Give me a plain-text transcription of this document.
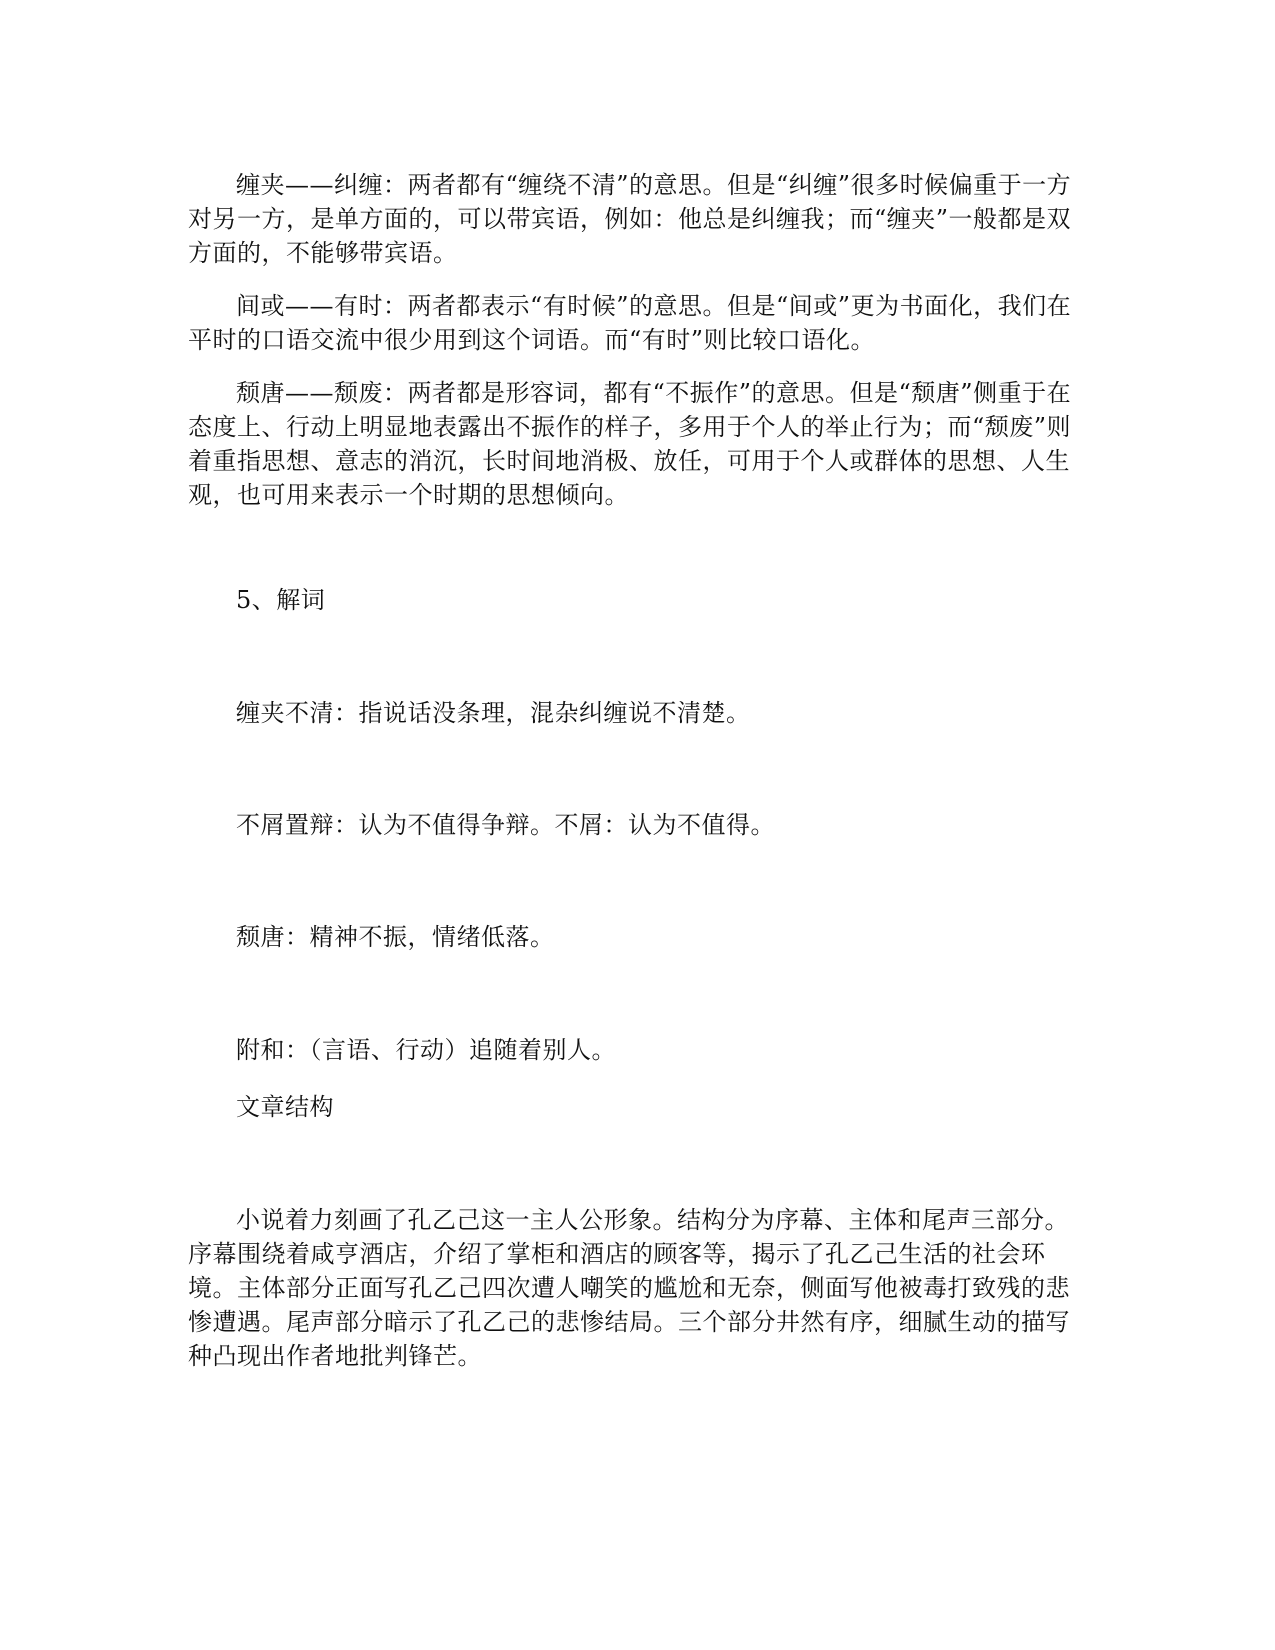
缠夹——纠缠：两者都有“缠绕不清”的意思。但是“纠缠”很多时候偏重于一方对另一方，是单方面的，可以带宾语，例如：他总是纠缠我；而“缠夹”一般都是双方面的，不能够带宾语。

间或——有时：两者都表示“有时候”的意思。但是“间或”更为书面化，我们在平时的口语交流中很少用到这个词语。而“有时”则比较口语化。

颓唐——颓废：两者都是形容词，都有“不振作”的意思。但是“颓唐”侧重于在态度上、行动上明显地表露出不振作的样子，多用于个人的举止行为；而“颓废”则着重指思想、意志的消沉，长时间地消极、放任，可用于个人或群体的思想、人生观，也可用来表示一个时期的思想倾向。

5、解词

缠夹不清：指说话没条理，混杂纠缠说不清楚。

不屑置辩：认为不值得争辩。不屑：认为不值得。

颓唐：精神不振，情绪低落。

附和：（言语、行动）追随着别人。

文章结构

小说着力刻画了孔乙己这一主人公形象。结构分为序幕、主体和尾声三部分。序幕围绕着咸亨酒店，介绍了掌柜和酒店的顾客等，揭示了孔乙己生活的社会环境。主体部分正面写孔乙己四次遭人嘲笑的尴尬和无奈，侧面写他被毒打致残的悲惨遭遇。尾声部分暗示了孔乙己的悲惨结局。三个部分井然有序，细腻生动的描写种凸现出作者地批判锋芒。
